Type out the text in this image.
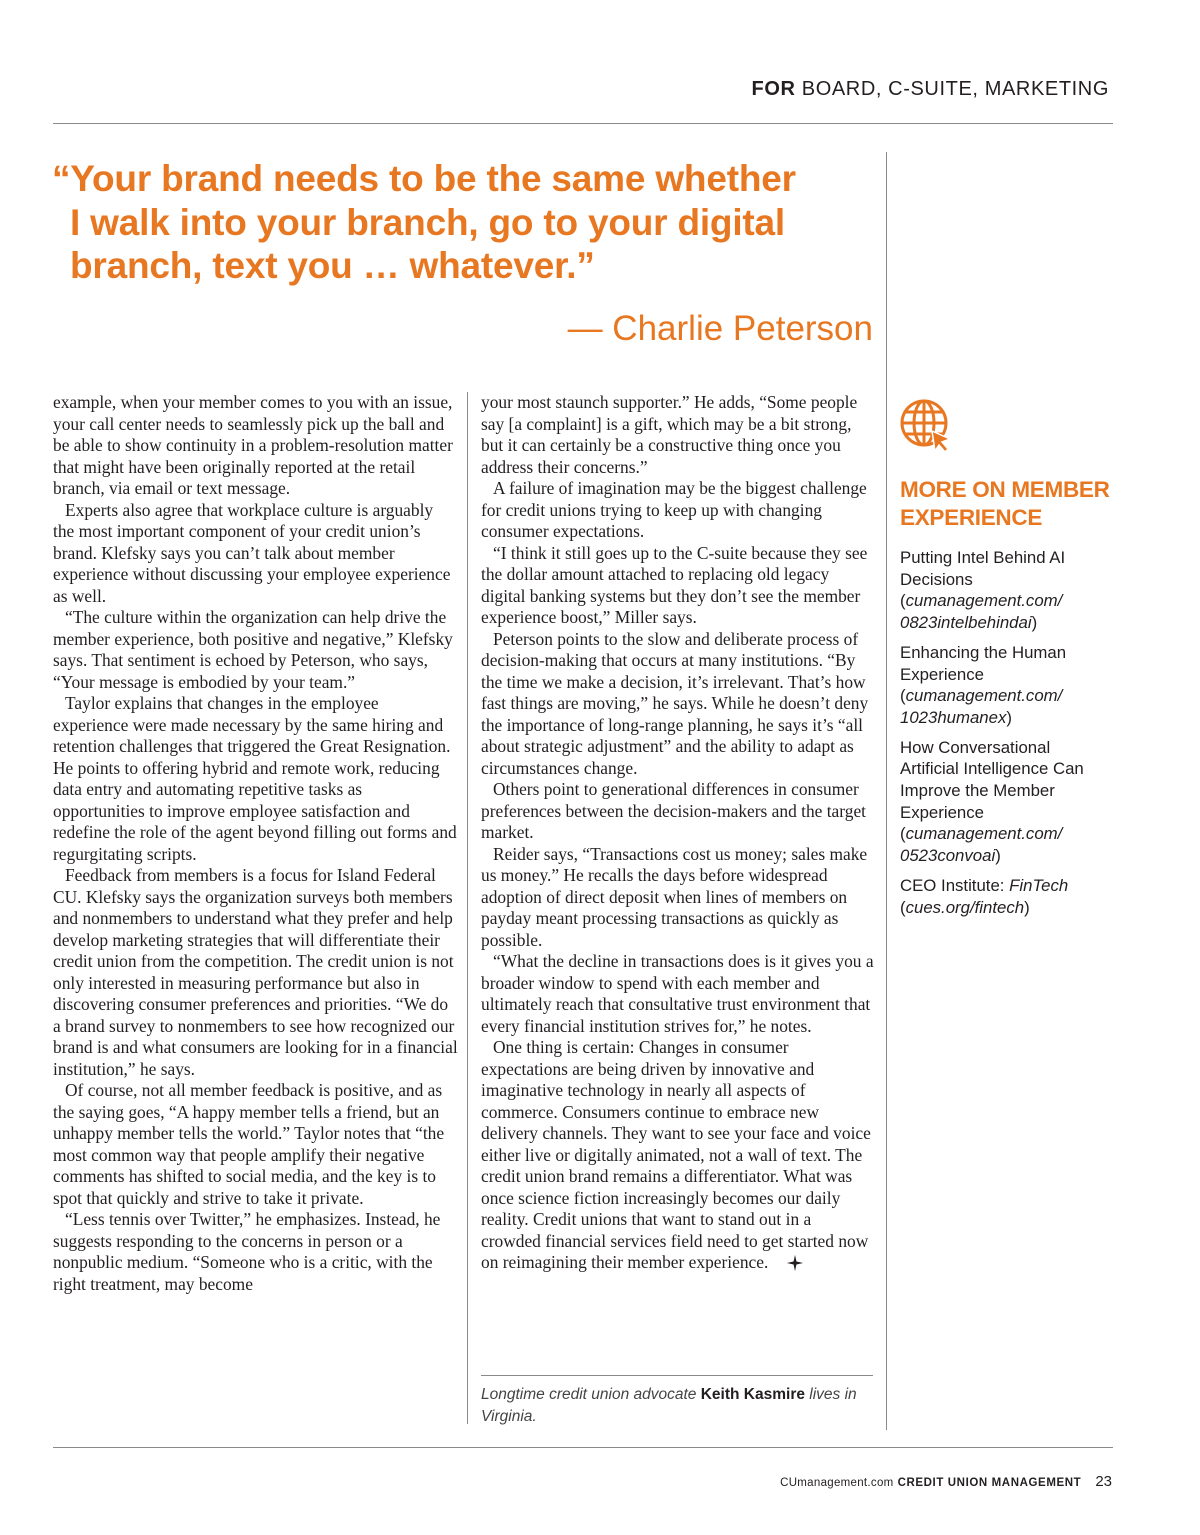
FOR BOARD, C-SUITE, MARKETING
“Your brand needs to be the same whether
I walk into your branch, go to your digital
branch, text you … whatever.”
— Charlie Peterson

example, when your member comes to you with an issue, your call center needs to seamlessly pick up the ball and be able to show continuity in a problem-resolution matter that might have been originally reported at the retail branch, via email or text message.

Experts also agree that workplace culture is arguably the most important component of your credit union’s brand. Klefsky says you can’t talk about member experience without discussing your employee experience as well.

“The culture within the organization can help drive the member experience, both positive and negative,” Klefsky says. That sentiment is echoed by Peterson, who says, “Your message is embodied by your team.”

Taylor explains that changes in the employee experience were made necessary by the same hiring and retention challenges that triggered the Great Resignation. He points to offering hybrid and remote work, reducing data entry and automating repetitive tasks as opportunities to improve employee satisfaction and redefine the role of the agent beyond filling out forms and regurgitating scripts.

Feedback from members is a focus for Island Federal CU. Klefsky says the organization surveys both members and nonmembers to understand what they prefer and help develop marketing strategies that will differentiate their credit union from the competition. The credit union is not only interested in measuring performance but also in discovering consumer preferences and priorities. “We do a brand survey to nonmembers to see how recognized our brand is and what consumers are looking for in a financial institution,” he says.

Of course, not all member feedback is positive, and as the saying goes, “A happy member tells a friend, but an unhappy member tells the world.” Taylor notes that “the most common way that people amplify their negative comments has shifted to social media, and the key is to spot that quickly and strive to take it private.

“Less tennis over Twitter,” he emphasizes. Instead, he suggests responding to the concerns in person or a nonpublic medium. “Someone who is a critic, with the right treatment, may become

your most staunch supporter.” He adds, “Some people say [a complaint] is a gift, which may be a bit strong, but it can certainly be a constructive thing once you address their concerns.”

A failure of imagination may be the biggest challenge for credit unions trying to keep up with changing consumer expectations.

“I think it still goes up to the C-suite because they see the dollar amount attached to replacing old legacy digital banking systems but they don’t see the member experience boost,” Miller says.

Peterson points to the slow and deliberate process of decision-making that occurs at many institutions. “By the time we make a decision, it’s irrelevant. That’s how fast things are moving,” he says. While he doesn’t deny the importance of long-range planning, he says it’s “all about strategic adjustment” and the ability to adapt as circumstances change.

Others point to generational differences in consumer preferences between the decision-makers and the target market.

Reider says, “Transactions cost us money; sales make us money.” He recalls the days before widespread adoption of direct deposit when lines of members on payday meant processing transactions as quickly as possible.

“What the decline in transactions does is it gives you a broader window to spend with each member and ultimately reach that consultative trust environment that every financial institution strives for,” he notes.

One thing is certain: Changes in consumer expectations are being driven by innovative and imaginative technology in nearly all aspects of commerce. Consumers continue to embrace new delivery channels. They want to see your face and voice either live or digitally animated, not a wall of text. The credit union brand remains a differentiator. What was once science fiction increasingly becomes our daily reality. Credit unions that want to stand out in a crowded financial services field need to get started now on reimagining their member experience.

Longtime credit union advocate Keith Kasmire lives in Virginia.
MORE ON MEMBER EXPERIENCE
Putting Intel Behind AI Decisions
(cumanagement.com/ 0823intelbehindai)
Enhancing the Human Experience
(cumanagement.com/ 1023humanex)
How Conversational Artificial Intelligence Can Improve the Member Experience
(cumanagement.com/ 0523convoai)
CEO Institute: FinTech
(cues.org/fintech)
CUmanagement.com CREDIT UNION MANAGEMENT 23
